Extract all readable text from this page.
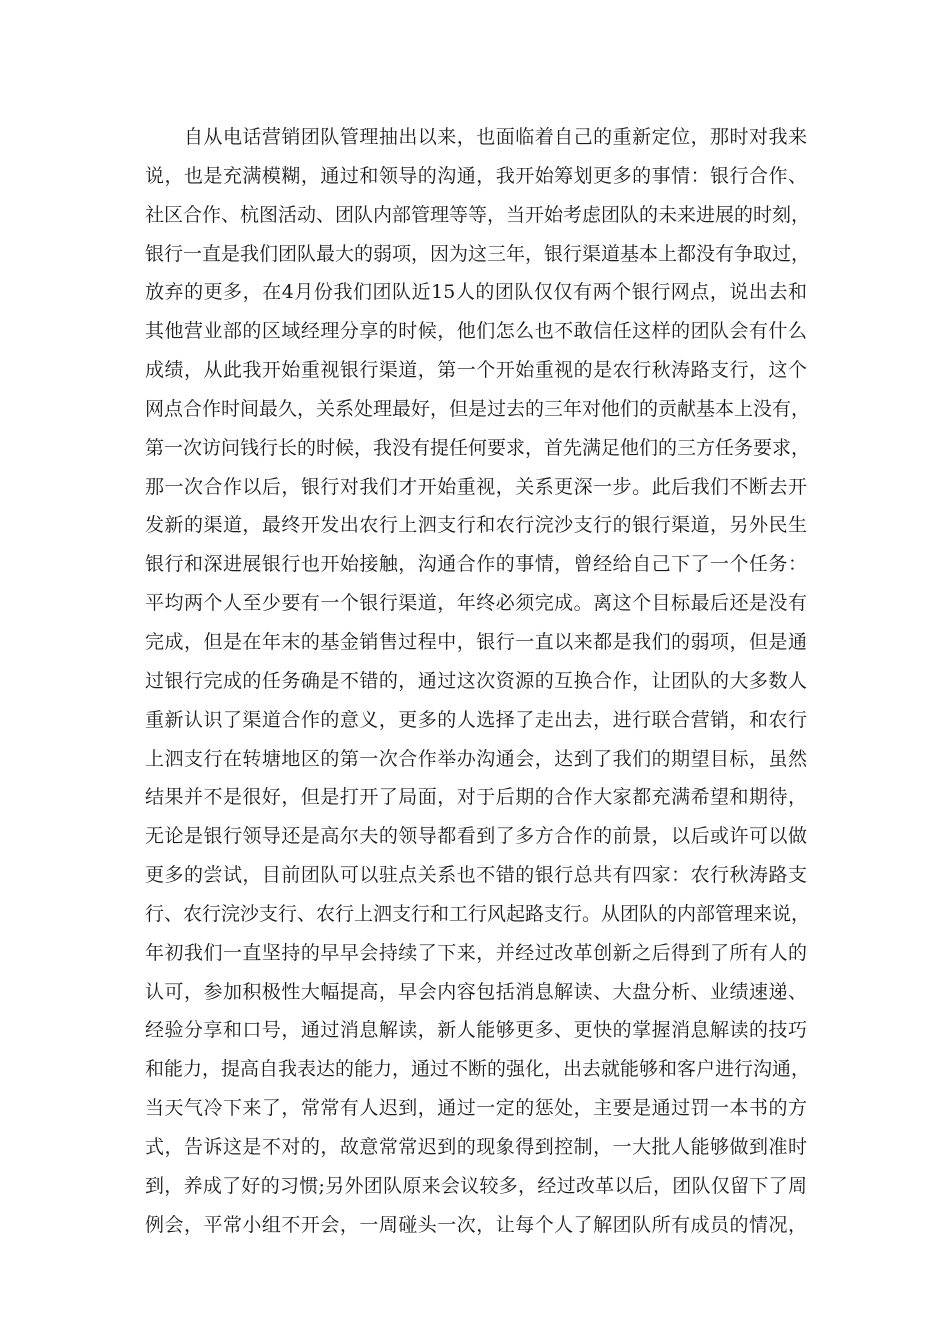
自从电话营销团队管理抽出以来，也面临着自己的重新定位，那时对我来
说，也是充满模糊，通过和领导的沟通，我开始筹划更多的事情：银行合作、
社区合作、杭图活动、团队内部管理等等，当开始考虑团队的未来进展的时刻，
银行一直是我们团队最大的弱项，因为这三年，银行渠道基本上都没有争取过，
放弃的更多，在4月份我们团队近15人的团队仅仅有两个银行网点，说出去和
其他营业部的区域经理分享的时候，他们怎么也不敢信任这样的团队会有什么
成绩，从此我开始重视银行渠道，第一个开始重视的是农行秋涛路支行，这个
网点合作时间最久，关系处理最好，但是过去的三年对他们的贡献基本上没有，
第一次访问钱行长的时候，我没有提任何要求，首先满足他们的三方任务要求，
那一次合作以后，银行对我们才开始重视，关系更深一步。此后我们不断去开
发新的渠道，最终开发出农行上泗支行和农行浣沙支行的银行渠道，另外民生
银行和深进展银行也开始接触，沟通合作的事情，曾经给自己下了一个任务：
平均两个人至少要有一个银行渠道，年终必须完成。离这个目标最后还是没有
完成，但是在年末的基金销售过程中，银行一直以来都是我们的弱项，但是通
过银行完成的任务确是不错的，通过这次资源的互换合作，让团队的大多数人
重新认识了渠道合作的意义，更多的人选择了走出去，进行联合营销，和农行
上泗支行在转塘地区的第一次合作举办沟通会，达到了我们的期望目标，虽然
结果并不是很好，但是打开了局面，对于后期的合作大家都充满希望和期待，
无论是银行领导还是高尔夫的领导都看到了多方合作的前景，以后或许可以做
更多的尝试，目前团队可以驻点关系也不错的银行总共有四家：农行秋涛路支
行、农行浣沙支行、农行上泗支行和工行风起路支行。从团队的内部管理来说，
年初我们一直坚持的早早会持续了下来，并经过改革创新之后得到了所有人的
认可，参加积极性大幅提高，早会内容包括消息解读、大盘分析、业绩速递、
经验分享和口号，通过消息解读，新人能够更多、更快的掌握消息解读的技巧
和能力，提高自我表达的能力，通过不断的强化，出去就能够和客户进行沟通，
当天气冷下来了，常常有人迟到，通过一定的惩处，主要是通过罚一本书的方
式，告诉这是不对的，故意常常迟到的现象得到控制，一大批人能够做到准时
到，养成了好的习惯;另外团队原来会议较多，经过改革以后，团队仅留下了周
例会，平常小组不开会，一周碰头一次，让每个人了解团队所有成员的情况，
